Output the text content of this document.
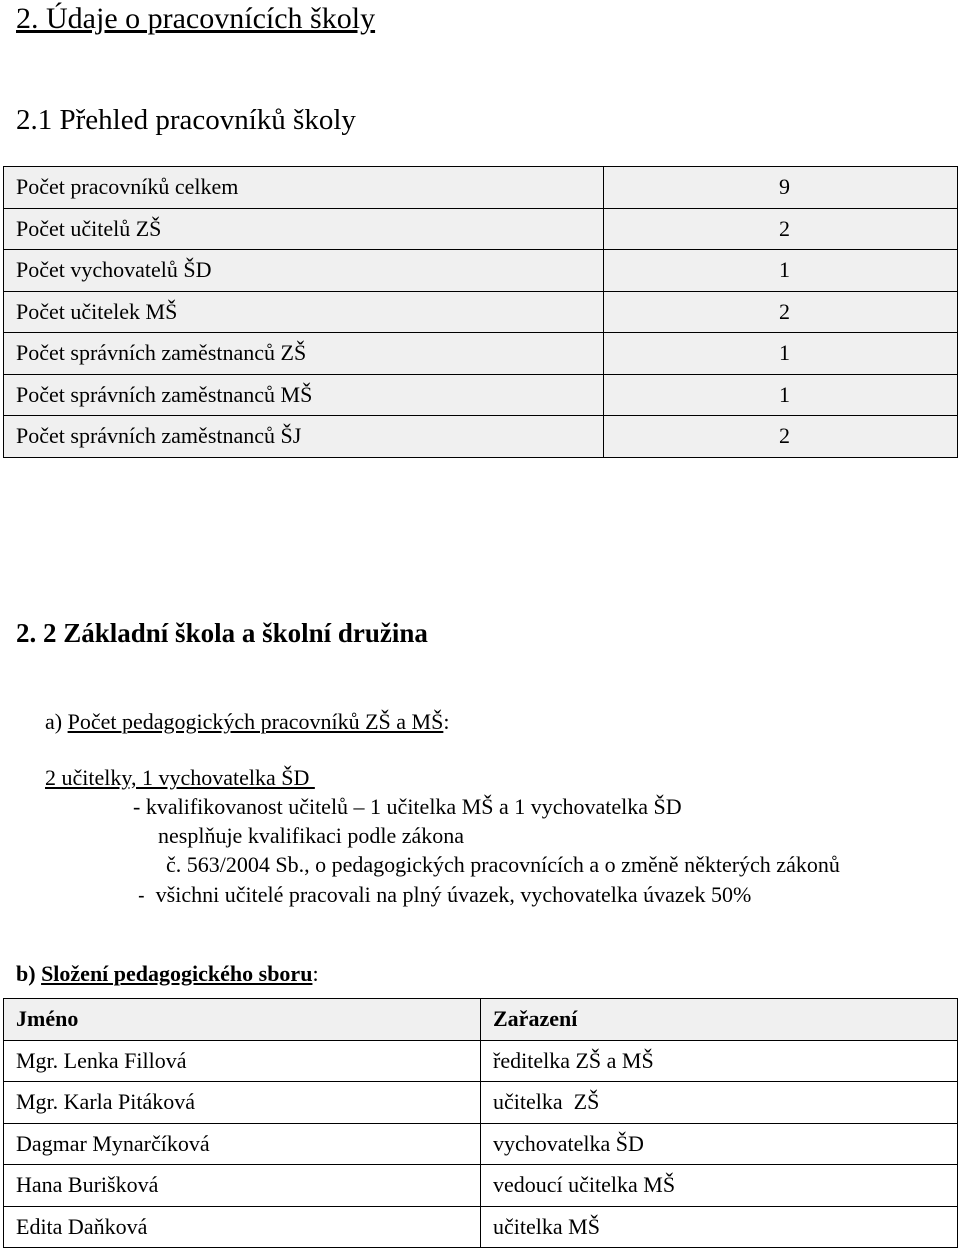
2. Údaje o pracovnících školy
2.1 Přehled pracovníků školy
Počet pracovníků celkem	9
Počet učitelů ZŠ	2
Počet vychovatelů ŠD	1
Počet učitelek MŠ	2
Počet správních zaměstnanců ZŠ	1
Počet správních zaměstnanců MŠ	1
Počet správních zaměstnanců ŠJ	2
2. 2 Základní škola a školní družina
a) Počet pedagogických pracovníků ZŠ a MŠ:
2 učitelky, 1 vychovatelka ŠD
- kvalifikovanost učitelů – 1 učitelka MŠ a 1 vychovatelka ŠD
nesplňuje kvalifikaci podle zákona
č. 563/2004 Sb., o pedagogických pracovnících a o změně některých zákonů
- všichni učitelé pracovali na plný úvazek, vychovatelka úvazek 50%
b) Složení pedagogického sboru:
Jméno	Zařazení
Mgr. Lenka Fillová	ředitelka ZŠ a MŠ
Mgr. Karla Pitáková	učitelka  ZŠ
Dagmar Mynarčíková	vychovatelka ŠD
Hana Burišková	vedoucí učitelka MŠ
Edita Daňková	učitelka MŠ
